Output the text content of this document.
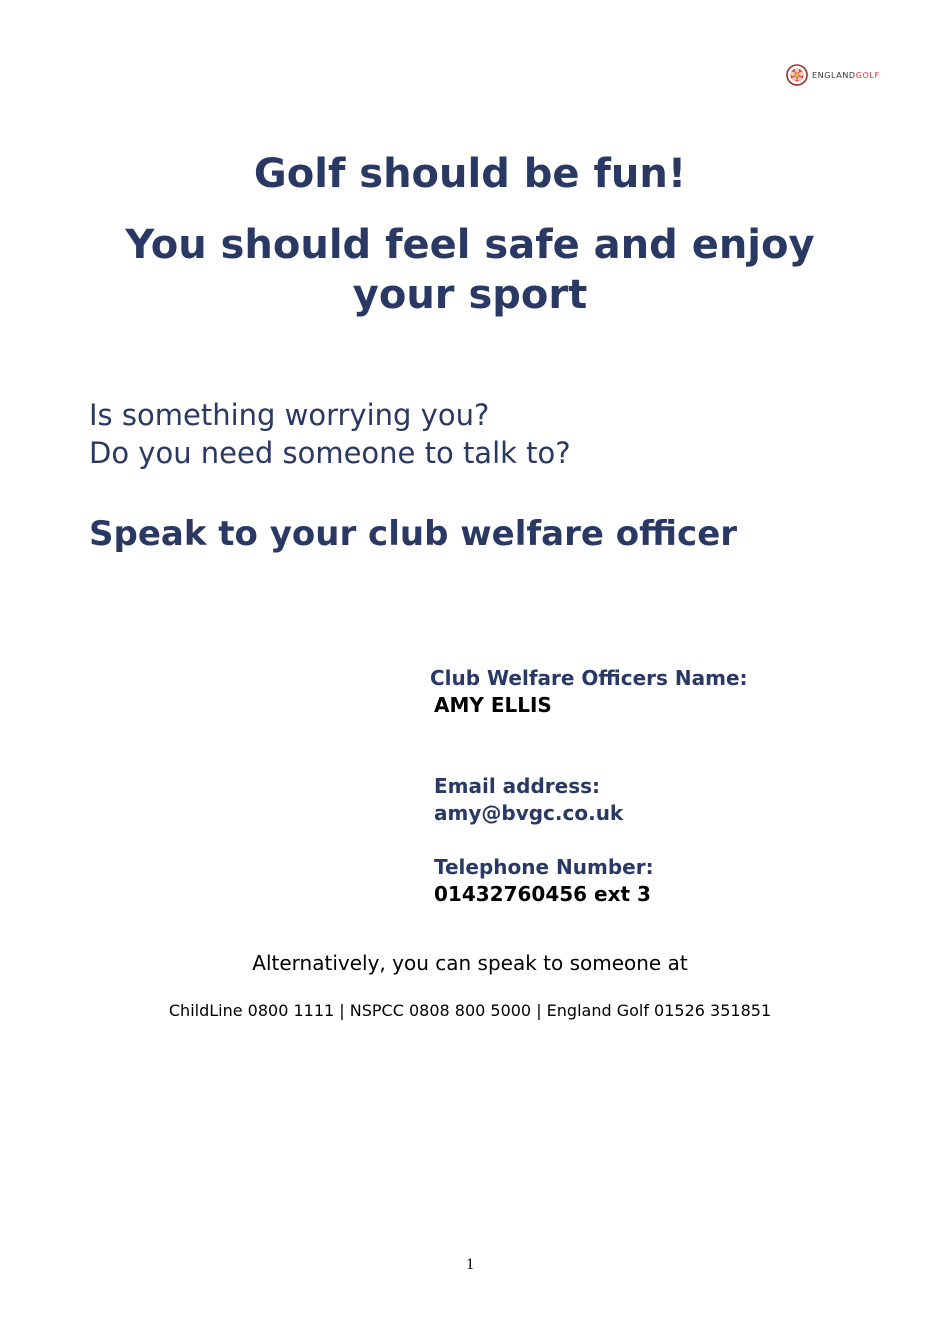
ENGLANDGOLF
Golf should be fun!
You should feel safe and enjoy your sport

Is something worrying you?

Do you need someone to talk to?

Speak to your club welfare officer

Club Welfare Officers Name:

AMY ELLIS

Email address:

amy@bvgc.co.uk

Telephone Number:

01432760456 ext 3

Alternatively, you can speak to someone at

ChildLine 0800 1111 | NSPCC 0808 800 5000 | England Golf 01526 351851

1
